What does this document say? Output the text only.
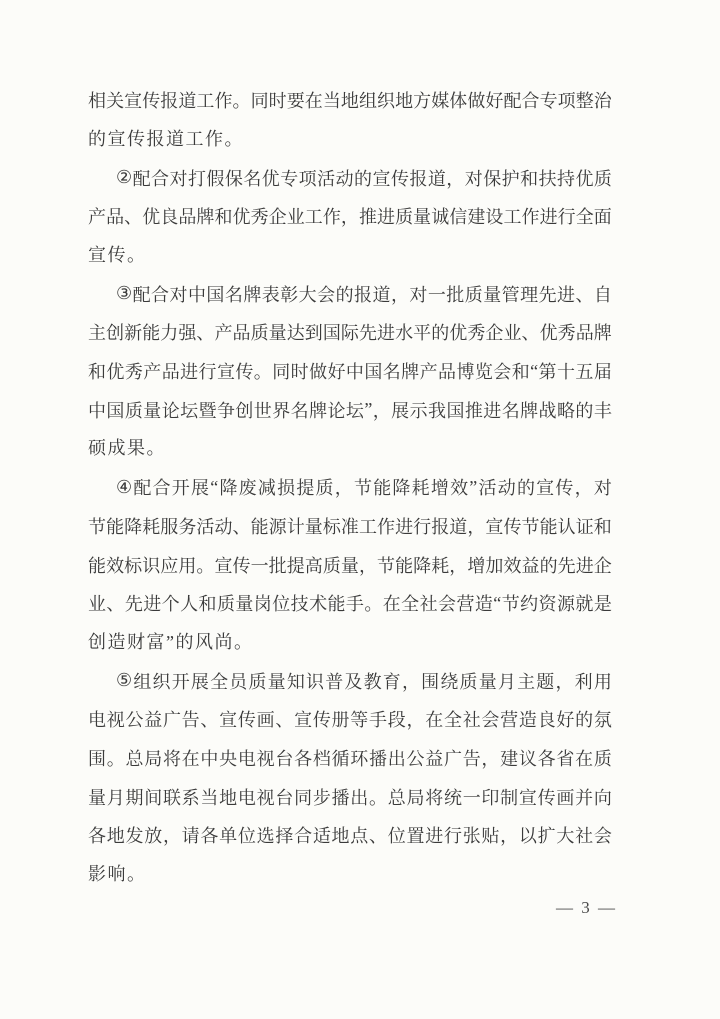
相 关 宣 传 报 道 工 作 。 同 时 要 在 当 地 组 织 地 方 媒 体 做 好 配 合 专 项 整 治
的宣传报道工作。
② 配 合 对 打 假 保 名 优 专 项 活 动 的 宣 传 报 道 ， 对 保 护 和 扶 持 优 质
产 品 、 优 良 品 牌 和 优 秀 企 业 工 作 ， 推 进 质 量 诚 信 建 设 工 作 进 行 全 面
宣传。
③ 配 合 对 中 国 名 牌 表 彰 大 会 的 报 道 ， 对 一 批 质 量 管 理 先 进 、 自
主 创 新 能 力 强 、 产 品 质 量 达 到 国 际 先 进 水 平 的 优 秀 企 业 、 优 秀 品 牌
和 优 秀 产 品 进 行 宣 传 。 同 时 做 好 中 国 名 牌 产 品 博 览 会 和 “ 第 十 五 届
中 国 质 量 论 坛 暨 争 创 世 界 名 牌 论 坛 ” ， 展 示 我 国 推 进 名 牌 战 略 的 丰
硕成果。
④ 配 合 开 展 “ 降 废 减 损 提 质 ， 节 能 降 耗 增 效 ” 活 动 的 宣 传 ， 对
节 能 降 耗 服 务 活 动 、 能 源 计 量 标 准 工 作 进 行 报 道 ， 宣 传 节 能 认 证 和
能 效 标 识 应 用 。 宣 传 一 批 提 高 质 量 ， 节 能 降 耗 ， 增 加 效 益 的 先 进 企
业 、 先 进 个 人 和 质 量 岗 位 技 术 能 手 。 在 全 社 会 营 造 “ 节 约 资 源 就 是
创造财富”的风尚。
⑤ 组 织 开 展 全 员 质 量 知 识 普 及 教 育 ， 围 绕 质 量 月 主 题 ， 利 用
电 视 公 益 广 告 、 宣 传 画 、 宣 传 册 等 手 段 ， 在 全 社 会 营 造 良 好 的 氛
围 。 总 局 将 在 中 央 电 视 台 各 档 循 环 播 出 公 益 广 告 ， 建 议 各 省 在 质
量 月 期 间 联 系 当 地 电 视 台 同 步 播 出 。 总 局 将 统 一 印 制 宣 传 画 并 向
各 地 发 放 ， 请 各 单 位 选 择 合 适 地 点 、 位 置 进 行 张 贴 ， 以 扩 大 社 会
影响。
— 3 —
